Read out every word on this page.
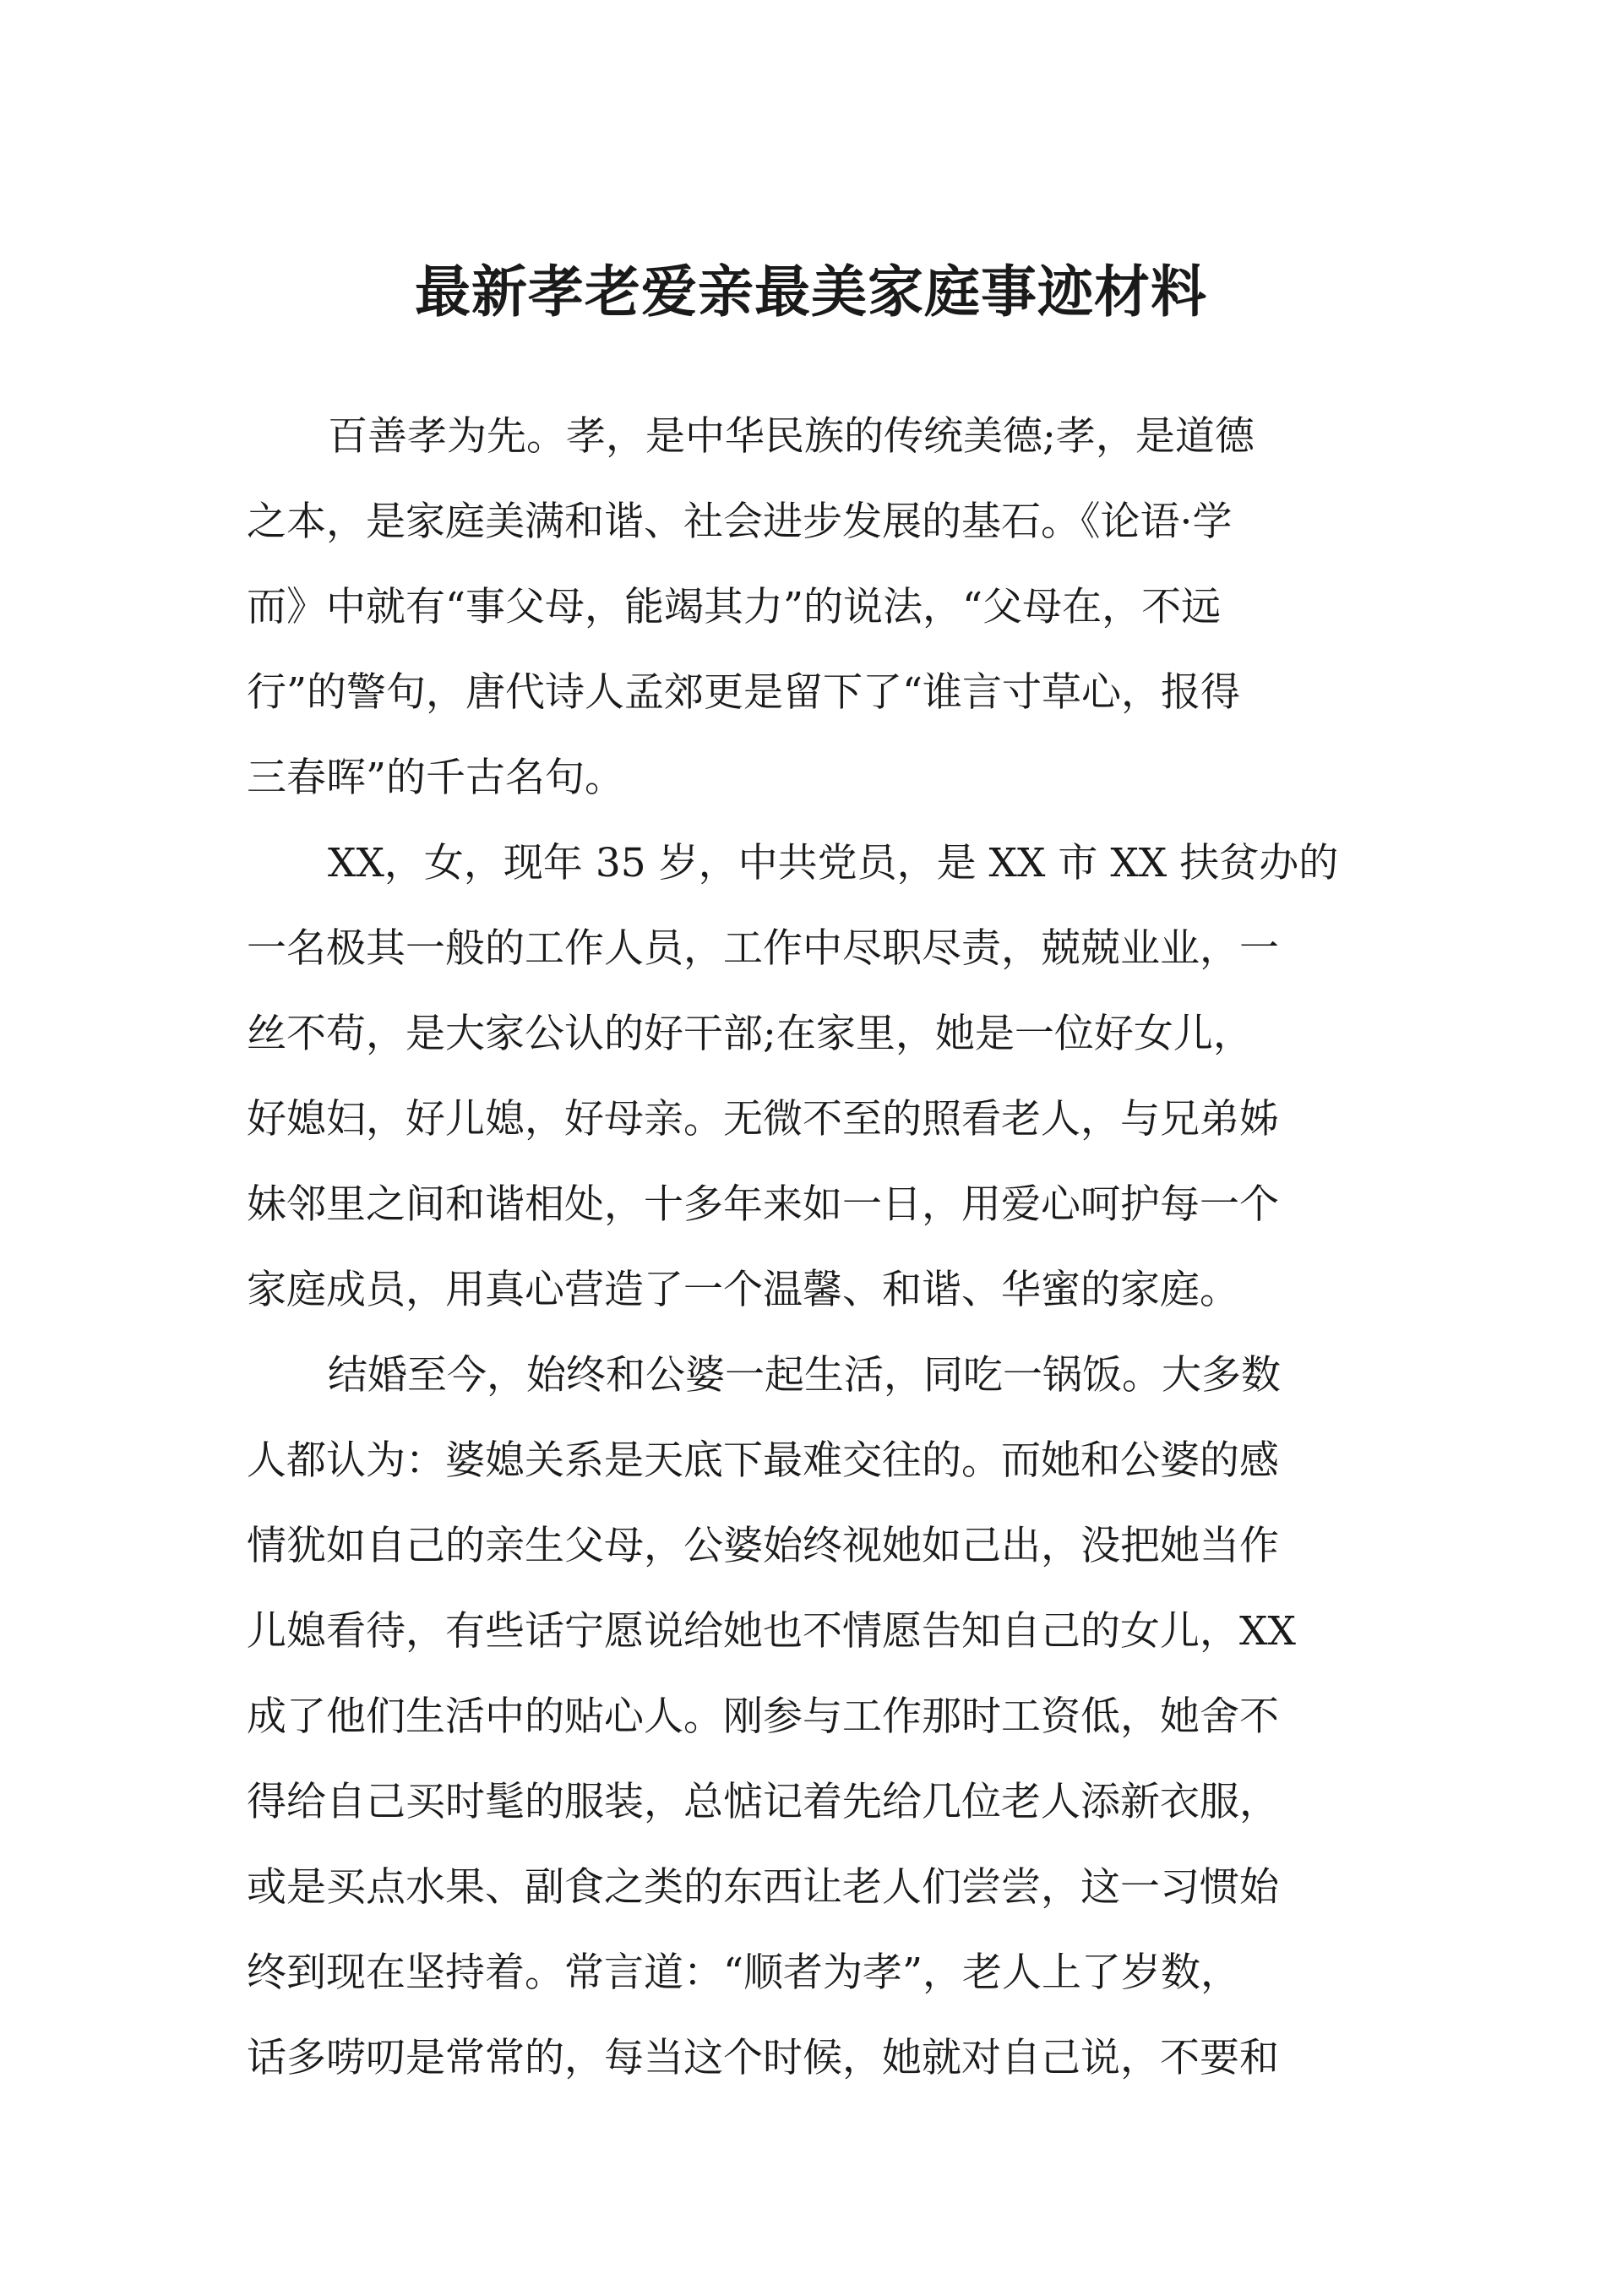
最新孝老爱亲最美家庭事迹材料
百善孝为先。孝，是中华民族的传统美德;孝，是道德
之本，是家庭美满和谐、社会进步发展的基石。《论语·学
而》中就有“事父母，能竭其力”的说法，“父母在，不远
行”的警句，唐代诗人孟郊更是留下了“谁言寸草心，报得
三春晖”的千古名句。
XX，女，现年 35 岁，中共党员，是 XX 市 XX 扶贫办的
一名极其一般的工作人员，工作中尽职尽责，兢兢业业，一
丝不苟，是大家公认的好干部;在家里，她是一位好女儿，
好媳妇，好儿媳，好母亲。无微不至的照看老人，与兄弟姊
妹邻里之间和谐相处，十多年来如一日，用爱心呵护每一个
家庭成员，用真心营造了一个温馨、和谐、华蜜的家庭。
结婚至今，始终和公婆一起生活，同吃一锅饭。大多数
人都认为：婆媳关系是天底下最难交往的。而她和公婆的感
情犹如自己的亲生父母，公婆始终视她如己出，没把她当作
儿媳看待，有些话宁愿说给她也不情愿告知自己的女儿，XX
成了他们生活中的贴心人。刚参与工作那时工资低，她舍不
得给自己买时髦的服装，总惦记着先给几位老人添新衣服，
或是买点水果、副食之类的东西让老人们尝尝，这一习惯始
终到现在坚持着。常言道：“顺者为孝”，老人上了岁数，
话多唠叨是常常的，每当这个时候，她就对自己说，不要和
